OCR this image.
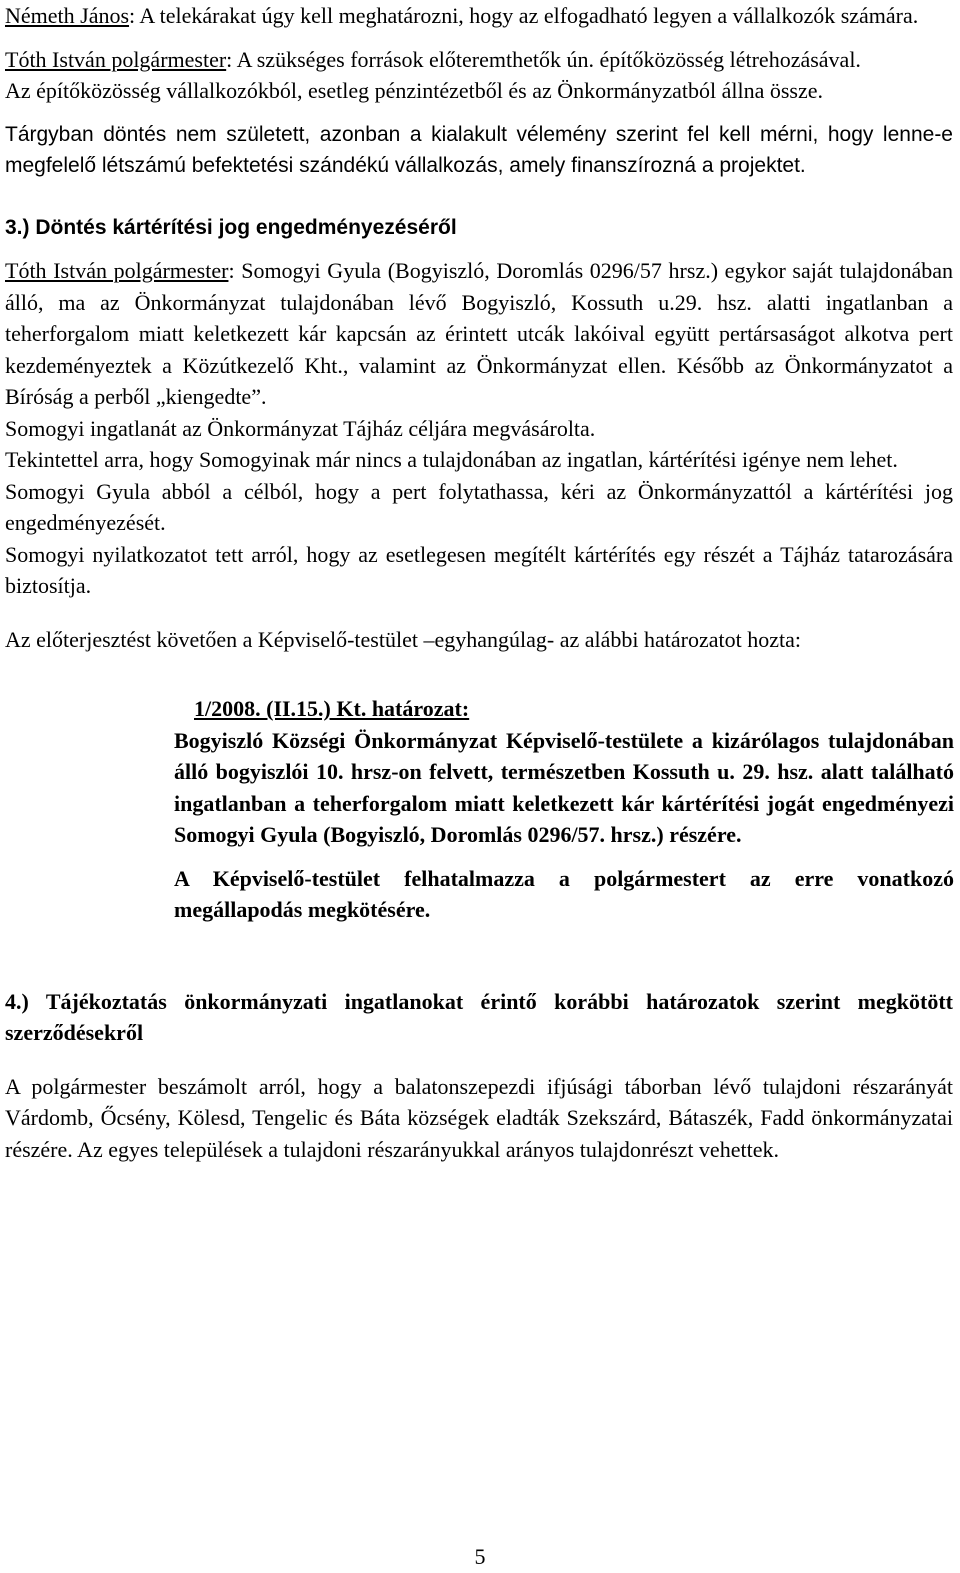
Németh János: A telekárakat úgy kell meghatározni, hogy az elfogadható legyen a vállalkozók számára.

Tóth István polgármester: A szükséges források előteremthetők ún. építőközösség létrehozásával.

Az építőközösség vállalkozókból, esetleg pénzintézetből és az Önkormányzatból állna össze.

Tárgyban döntés nem született, azonban a kialakult vélemény szerint fel kell mérni, hogy lenne-e megfelelő létszámú befektetési szándékú vállalkozás, amely finanszírozná a projektet.

3.) Döntés kártérítési jog engedményezéséről

Tóth István polgármester: Somogyi Gyula (Bogyiszló, Doromlás 0296/57 hrsz.) egykor saját tulajdonában álló, ma az Önkormányzat tulajdonában lévő Bogyiszló, Kossuth u.29. hsz. alatti ingatlanban a teherforgalom miatt keletkezett kár kapcsán az érintett utcák lakóival együtt pertársaságot alkotva pert kezdeményeztek a Közútkezelő Kht., valamint az Önkormányzat ellen. Később az Önkormányzatot a Bíróság a perből „kiengedte”.

Somogyi ingatlanát az Önkormányzat Tájház céljára megvásárolta.

Tekintettel arra, hogy Somogyinak már nincs a tulajdonában az ingatlan, kártérítési igénye nem lehet.

Somogyi Gyula abból a célból, hogy a pert folytathassa, kéri az Önkormányzattól a kártérítési jog engedményezését.

Somogyi nyilatkozatot tett arról, hogy az esetlegesen megítélt kártérítés egy részét a Tájház tatarozására biztosítja.

Az előterjesztést követően a Képviselő-testület –egyhangúlag- az alábbi határozatot hozta:

1/2008. (II.15.) Kt. határozat:

Bogyiszló Községi Önkormányzat Képviselő-testülete a kizárólagos tulajdonában álló bogyiszlói 10. hrsz-on felvett, természetben Kossuth u. 29. hsz. alatt található ingatlanban a teherforgalom miatt keletkezett kár kártérítési jogát engedményezi Somogyi Gyula (Bogyiszló, Doromlás 0296/57. hrsz.) részére.

A Képviselő-testület felhatalmazza a polgármestert az erre vonatkozó megállapodás megkötésére.

4.) Tájékoztatás önkormányzati ingatlanokat érintő korábbi határozatok szerint megkötött szerződésekről

A polgármester beszámolt arról, hogy a balatonszepezdi ifjúsági táborban lévő tulajdoni részarányát Várdomb, Őcsény, Kölesd, Tengelic és Báta községek eladták Szekszárd, Bátaszék, Fadd önkormányzatai részére. Az egyes települések a tulajdoni részarányukkal arányos tulajdonrészt vehettek.

5
